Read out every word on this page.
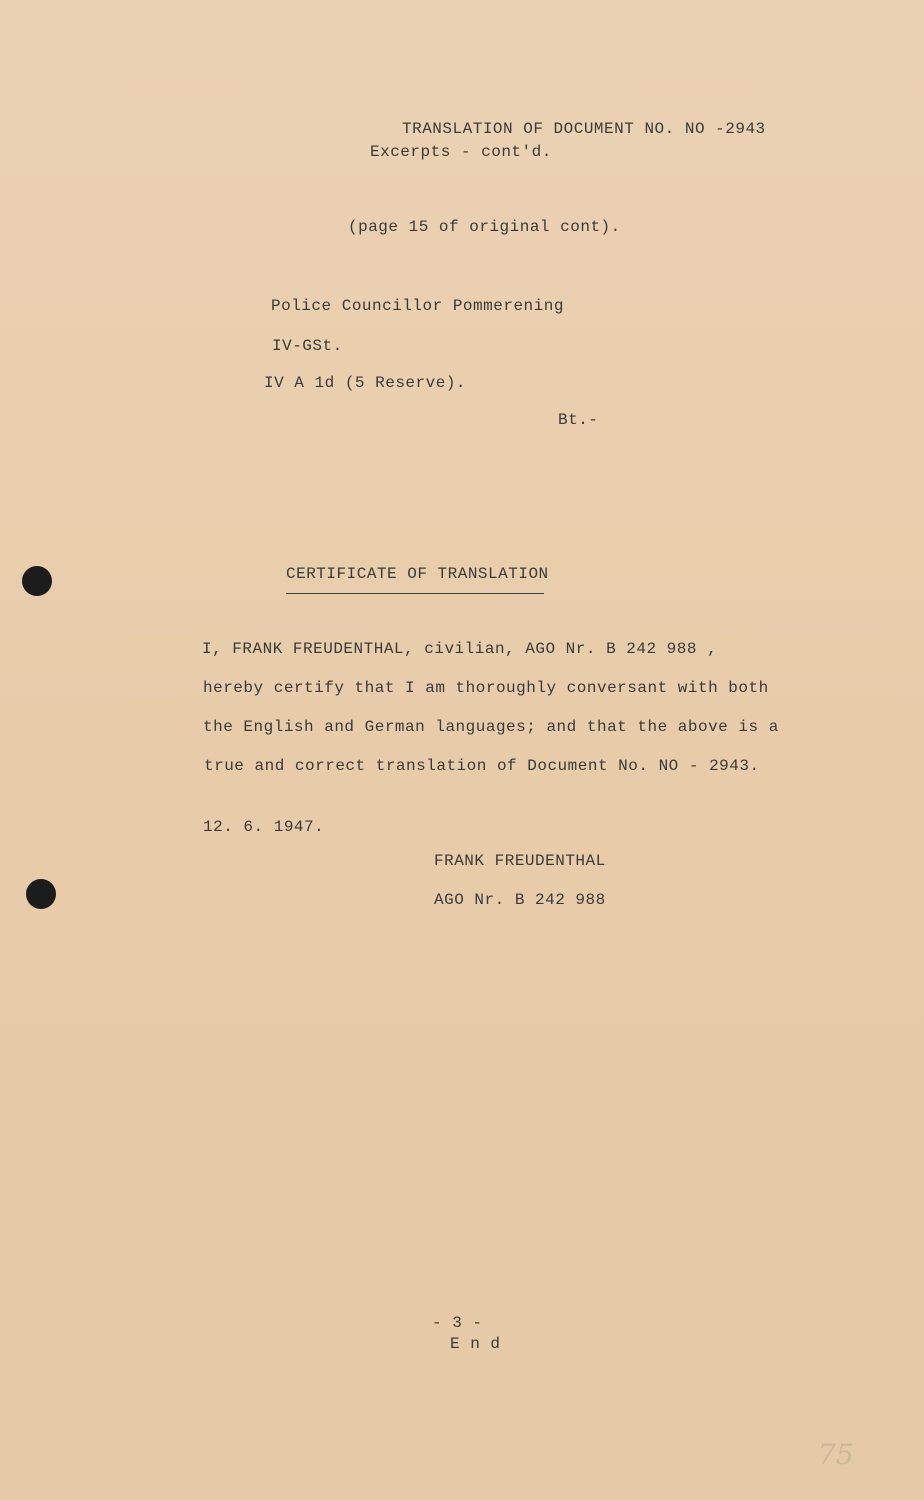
TRANSLATION OF DOCUMENT NO. NO -2943
Excerpts - cont'd.
(page 15 of original cont).
Police Councillor Pommerening
IV-GSt.
IV A 1d (5 Reserve).
Bt.-
CERTIFICATE OF TRANSLATION
I, FRANK FREUDENTHAL, civilian, AGO Nr. B 242 988 ,
hereby certify that I am thoroughly conversant with both
the English and German languages; and that the above is a
true and correct translation of Document No. NO - 2943.
12. 6. 1947.
FRANK FREUDENTHAL
AGO Nr. B 242 988
- 3 -
E n d
75
